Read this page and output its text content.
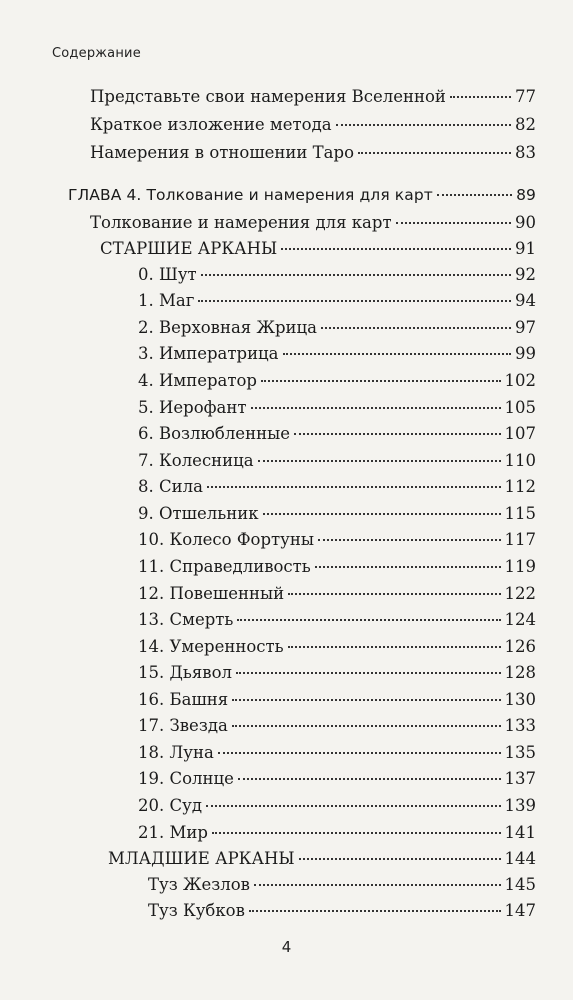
Содержание
Представьте свои намерения Вселенной	77
Краткое изложение метода	82
Намерения в отношении Таро	83
ГЛАВА 4. Толкование и намерения для карт	89
Толкование и намерения для карт	90
СТАРШИЕ АРКАНЫ	91
0. Шут	92
1. Маг	94
2. Верховная Жрица	97
3. Императрица	99
4. Император	102
5. Иерофант	105
6. Возлюбленные	107
7. Колесница	110
8. Сила	112
9. Отшельник	115
10. Колесо Фортуны	117
11. Справедливость	119
12. Повешенный	122
13. Смерть	124
14. Умеренность	126
15. Дьявол	128
16. Башня	130
17. Звезда	133
18. Луна	135
19. Солнце	137
20. Суд	139
21. Мир	141
МЛАДШИЕ АРКАНЫ	144
Туз Жезлов	145
Туз Кубков	147
4
